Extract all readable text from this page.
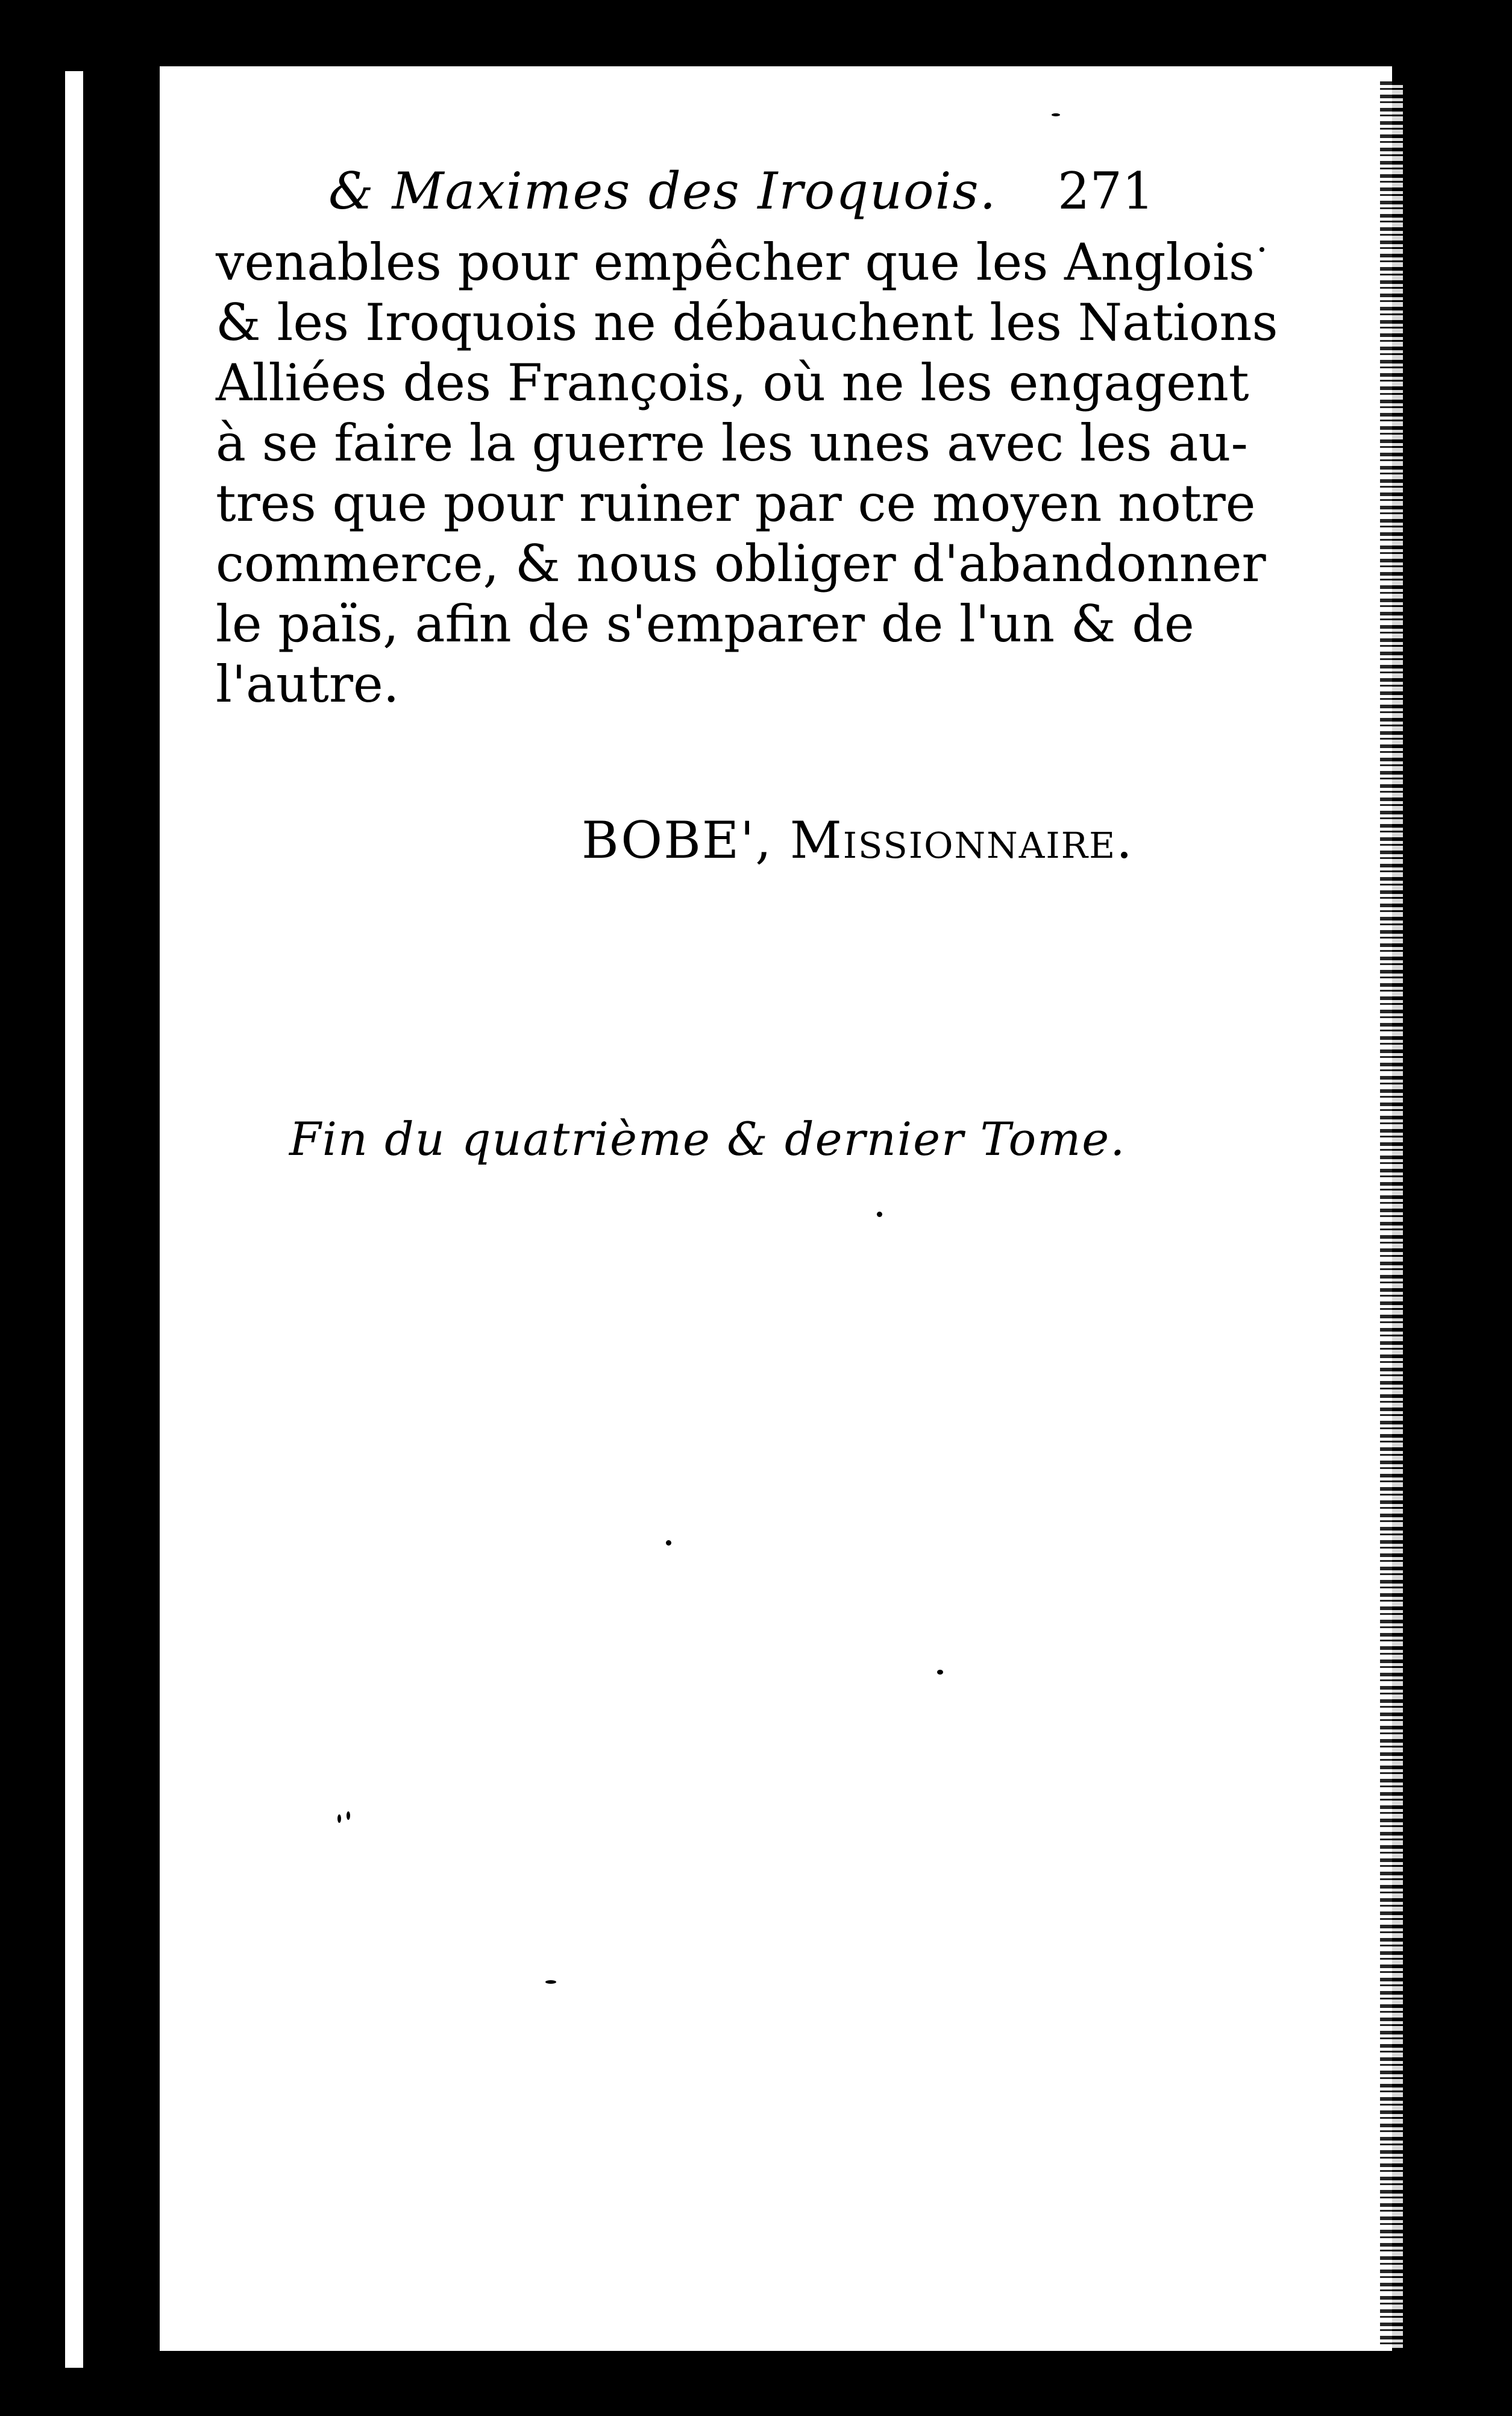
& Maximes des Iroquois. 271
venables pour empêcher que les Anglois
& les Iroquois ne débauchent les Nations
Alliées des François, où ne les engagent
à se faire la guerre les unes avec les au-
tres que pour ruiner par ce moyen notre
commerce, & nous obliger d'abandonner
le païs, afin de s'emparer de l'un & de
l'autre.
BOBE', Missionnaire.
Fin du quatrième & dernier Tome.
